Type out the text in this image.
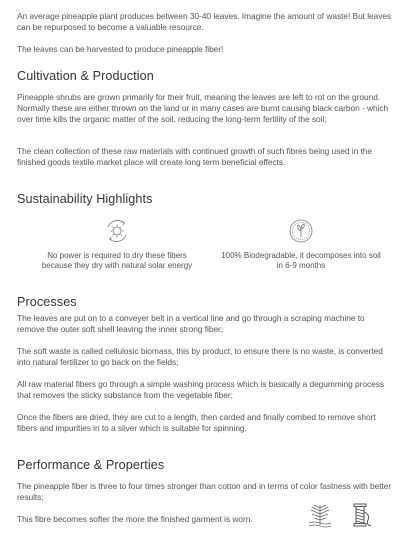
An average pineapple plant produces between 30-40 leaves. Imagine the amount of waste! But leaves can be repurposed to become a valuable resource.

The leaves can be harvested to produce pineapple fiber!

Cultivation & Production

Pineapple shrubs are grown primarily for their fruit, meaning the leaves are left to rot on the ground. Normally these are either thrown on the land or in many cases are burnt causing black carbon - which over time kills the organic matter of the soil, reducing the long-term fertility of the soil;

The clean collection of these raw materials with continued growth of such fibres being used in the finished goods textile market place will create long term beneficial effects.

Sustainability Highlights
Processes

The leaves are put on to a conveyer belt in a vertical line and go through a scraping machine to remove the outer soft shell leaving the inner strong fiber;

The soft waste is called cellulosic biomass, this by product, to ensure there is no waste, is converted into natural fertilizer to go back on the fields;

All raw material fibers go through a simple washing process which is basically a degumming process that removes the sticky substance from the vegetable fiber;

Once the fibers are dried, they are cut to a length, then carded and finally combed to remove short fibers and impurities in to a sliver which is suitable for spinning.

Performance & Properties

The pineapple fiber is three to four times stronger than cotton and in terms of color fastness with better results;

This fibre becomes softer the more the finished garment is worn.

No power is required to dry these fibers because they dry with natural solar energy
100% Biodegradable, it decomposes into soil in 6-9 months
